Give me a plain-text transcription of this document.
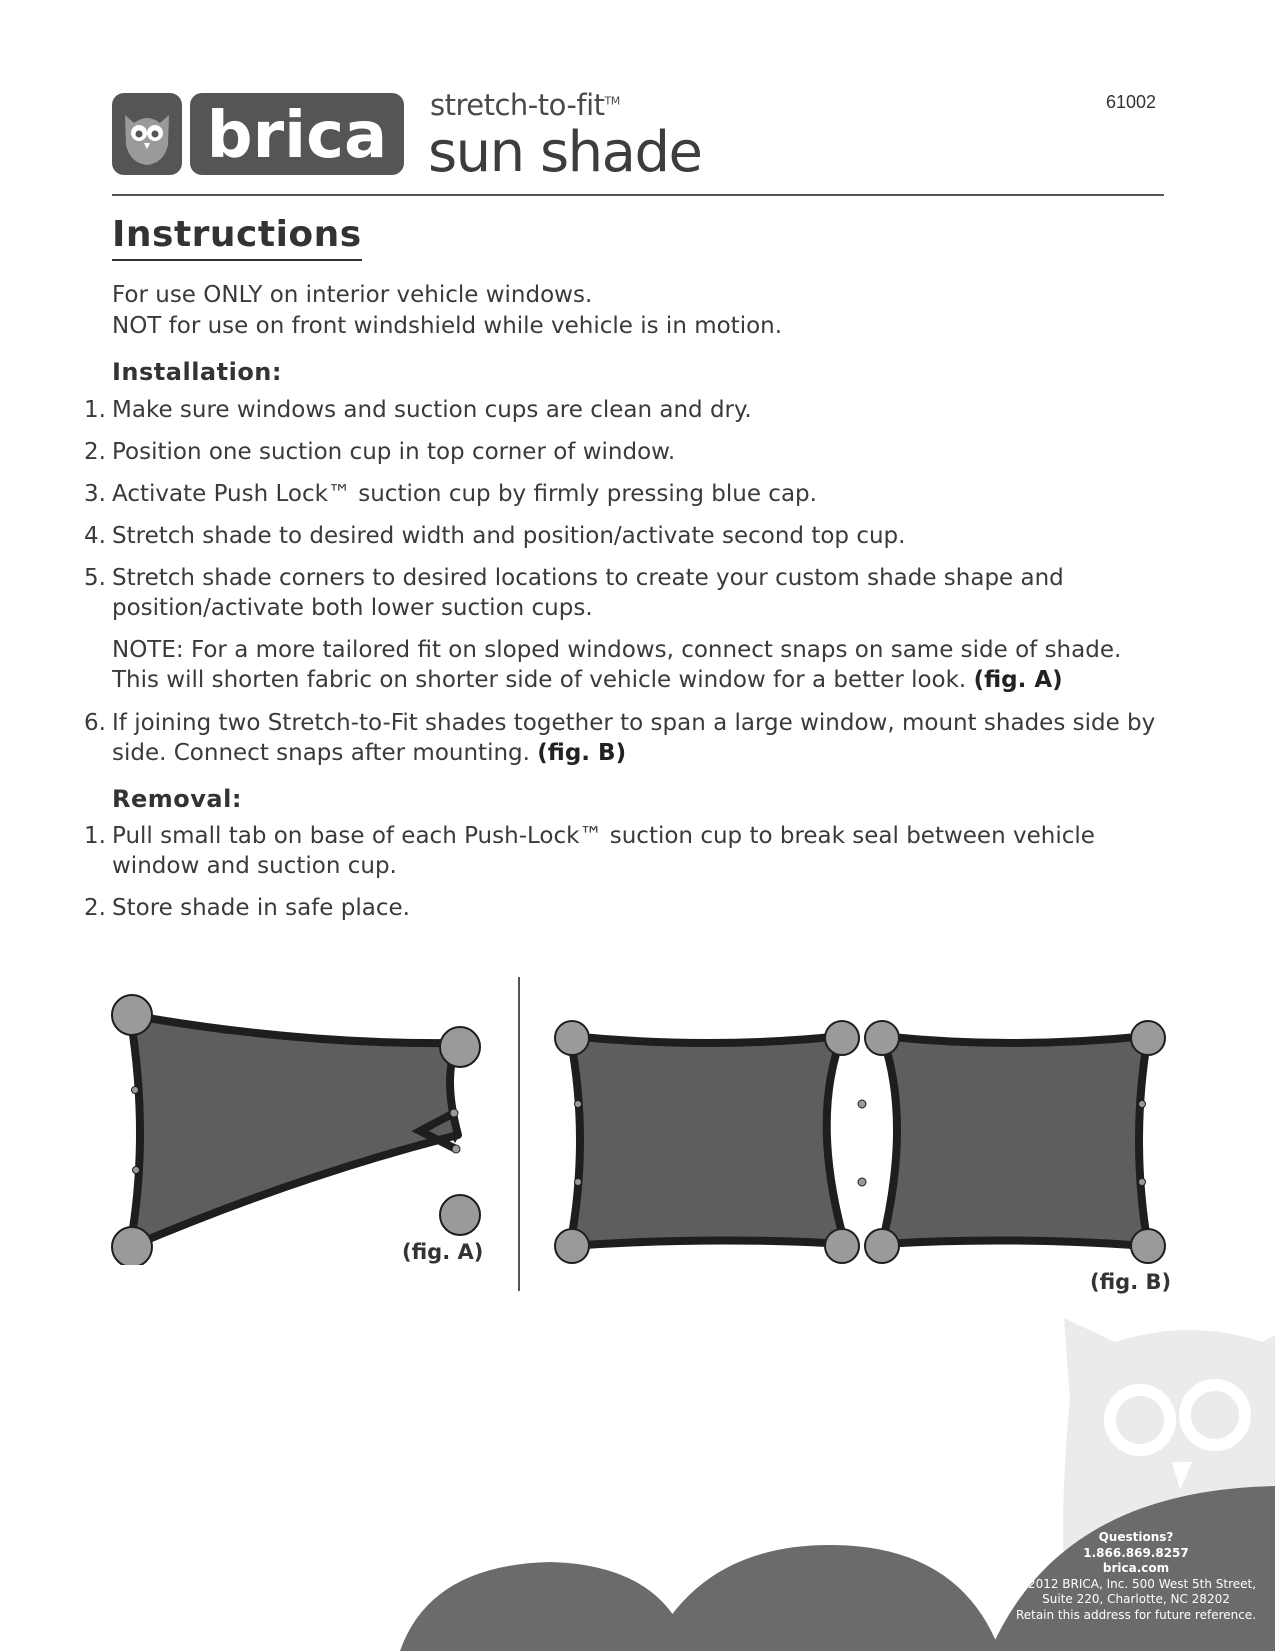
brica stretch-to-fit™
sun shade
61002
Instructions
For use ONLY on interior vehicle windows.
NOT for use on front windshield while vehicle is in motion.
Installation:
1. Make sure windows and suction cups are clean and dry.
2. Position one suction cup in top corner of window.
3. Activate Push Lock™ suction cup by firmly pressing blue cap.
4. Stretch shade to desired width and position/activate second top cup.
5. Stretch shade corners to desired locations to create your custom shade shape and position/activate both lower suction cups.
NOTE: For a more tailored fit on sloped windows, connect snaps on same side of shade. This will shorten fabric on shorter side of vehicle window for a better look. (fig. A)
6. If joining two Stretch-to-Fit shades together to span a large window, mount shades side by side. Connect snaps after mounting. (fig. B)
Removal:
1. Pull small tab on base of each Push-Lock™ suction cup to break seal between vehicle window and suction cup.
2. Store shade in safe place.
(fig. A)
(fig. B)
Questions?
1.866.869.8257
brica.com
©2012 BRICA, Inc. 500 West 5th Street,
Suite 220, Charlotte, NC 28202
Retain this address for future reference.
